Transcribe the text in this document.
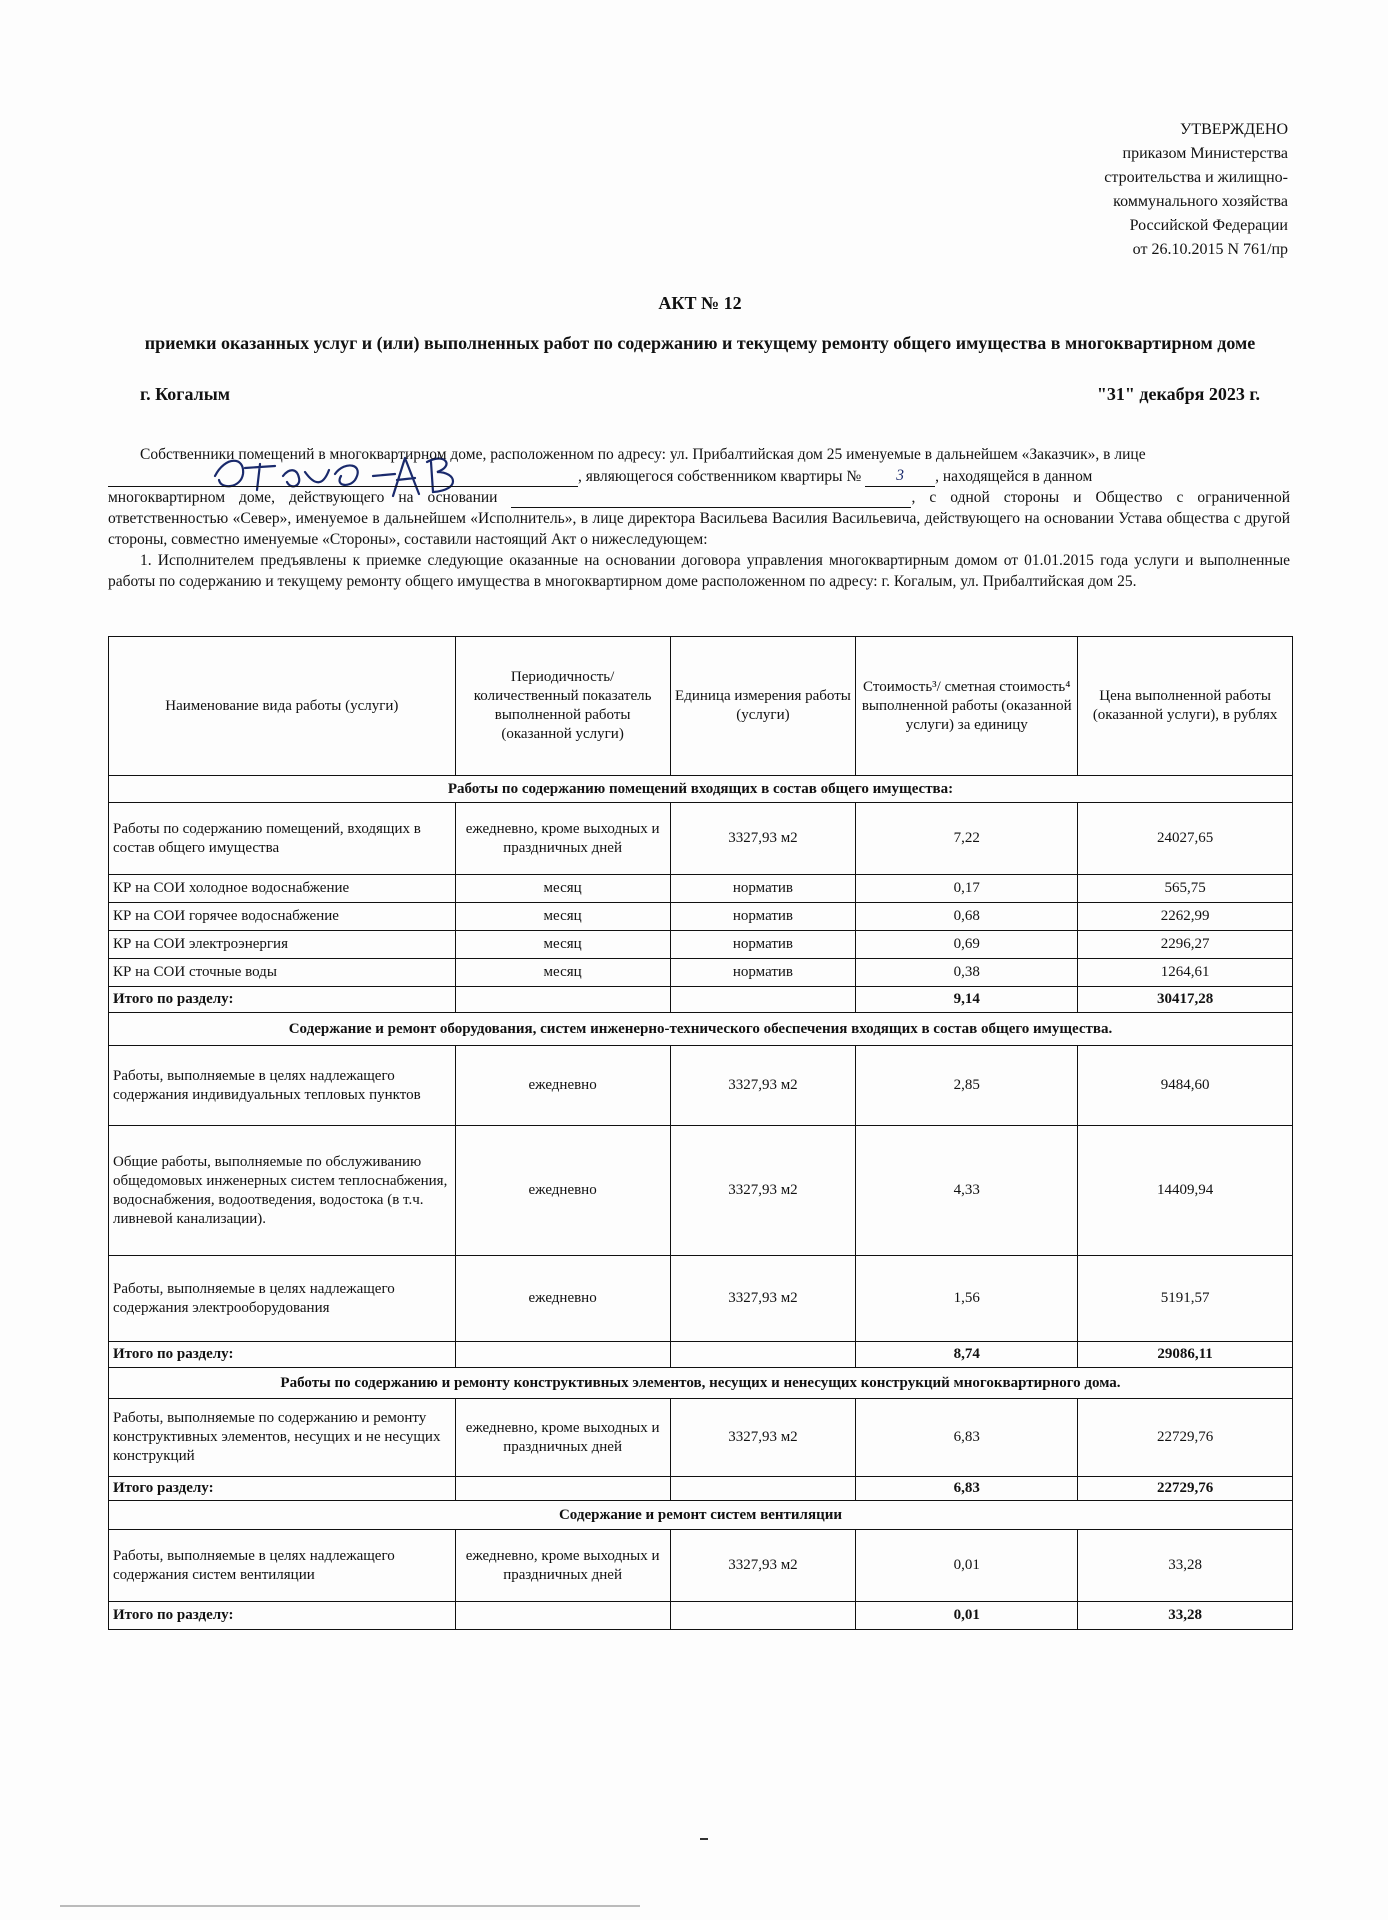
УТВЕРЖДЕНО
приказом Министерства
строительства и жилищно-
коммунального хозяйства
Российской Федерации
от 26.10.2015 N 761/пр
АКТ № 12
приемки оказанных услуг и (или) выполненных работ по содержанию и текущему ремонту общего имущества в многоквартирном доме
г. Когалым	"31" декабря 2023 г.

Собственники помещений в многоквартирном доме, расположенном по адресу: ул. Прибалтийская дом 25 именуемые в дальнейшем «Заказчик», в лице

, являющегося собственником квартиры № 3 , находящейся в данном

многоквартирном доме, действующего на основании	, с одной стороны и Общество с ограниченной ответственностью «Север», именуемое в дальнейшем «Исполнитель», в лице директора Васильева Василия Васильевича, действующего на основании Устава общества с другой стороны, совместно именуемые «Стороны», составили настоящий Акт о нижеследующем:

1. Исполнителем предъявлены к приемке следующие оказанные на основании договора управления многоквартирным домом от 01.01.2015 года услуги и выполненные работы по содержанию и текущему ремонту общего имущества в многоквартирном доме расположенном по адресу: г. Когалым, ул. Прибалтийская дом 25.

Наименование вида работы (услуги)	Периодичность/ количественный показатель выполненной работы (оказанной услуги)	Единица измерения работы (услуги)	Стоимость³/ сметная стоимость⁴ выполненной работы (оказанной услуги) за единицу	Цена выполненной работы (оказанной услуги), в рублях
Работы по содержанию помещений входящих в состав общего имущества:				
Работы по содержанию помещений, входящих в состав общего имущества	ежедневно, кроме выходных и праздничных дней	3327,93 м2	7,22	24027,65
КР на СОИ холодное водоснабжение	месяц	норматив	0,17	565,75
КР на СОИ горячее водоснабжение	месяц	норматив	0,68	2262,99
КР на СОИ электроэнергия	месяц	норматив	0,69	2296,27
КР на СОИ сточные воды	месяц	норматив	0,38	1264,61
Итого по разделу:			9,14	30417,28
Содержание и ремонт оборудования, систем инженерно-технического обеспечения входящих в состав общего имущества.				
Работы, выполняемые в целях надлежащего содержания индивидуальных тепловых пунктов	ежедневно	3327,93 м2	2,85	9484,60
Общие работы, выполняемые по обслуживанию общедомовых инженерных систем теплоснабжения, водоснабжения, водоотведения, водостока (в т.ч. ливневой канализации).	ежедневно	3327,93 м2	4,33	14409,94
Работы, выполняемые в целях надлежащего содержания электрооборудования	ежедневно	3327,93 м2	1,56	5191,57
Итого по разделу:			8,74	29086,11
Работы по содержанию и ремонту конструктивных элементов, несущих и ненесущих конструкций многоквартирного дома.				
Работы, выполняемые по содержанию и ремонту конструктивных элементов, несущих и не несущих конструкций	ежедневно, кроме выходных и праздничных дней	3327,93 м2	6,83	22729,76
Итого разделу:			6,83	22729,76
Содержание и ремонт систем вентиляции				
Работы, выполняемые в целях надлежащего содержания систем вентиляции	ежедневно, кроме выходных и праздничных дней	3327,93 м2	0,01	33,28
Итого по разделу:			0,01	33,28
